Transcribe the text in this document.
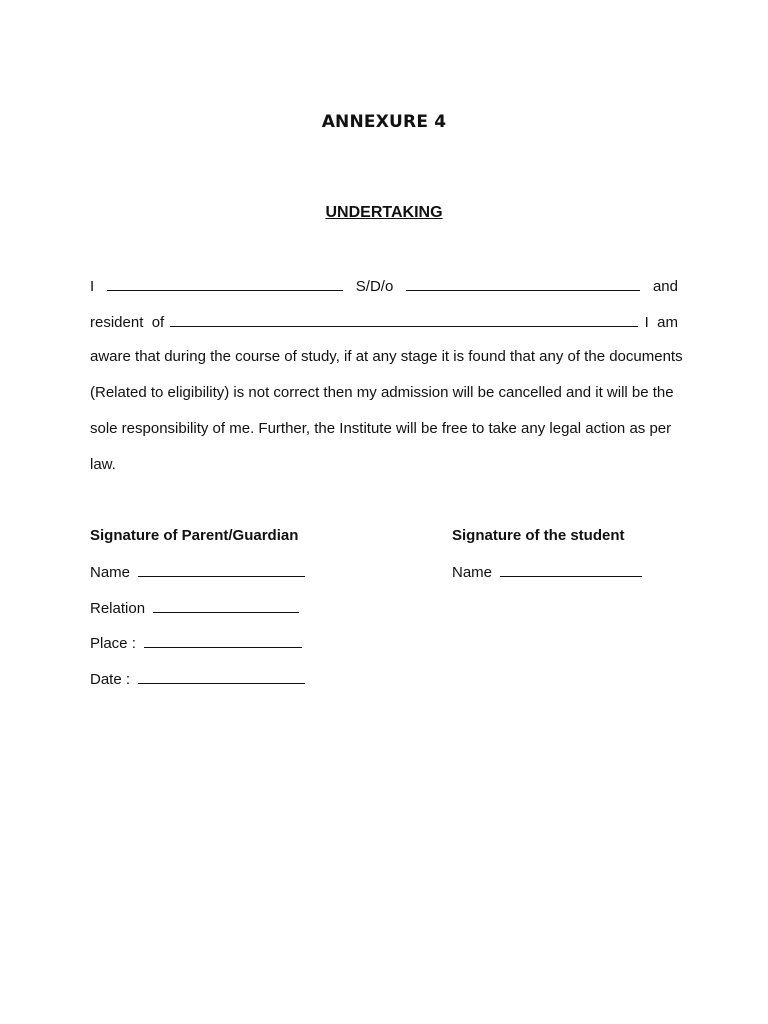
ANNEXURE 4
UNDERTAKING
I	S/D/o	and
resident  of	I  am
aware that during the course of study, if at any stage it is found that any of the documents
(Related to eligibility) is not correct then my admission will be cancelled and it will be the
sole responsibility of me. Further, the Institute will be free to take any legal action as per
law.
Signature of Parent/Guardian
Name
Relation
Place :
Date :
Signature of the student
Name
